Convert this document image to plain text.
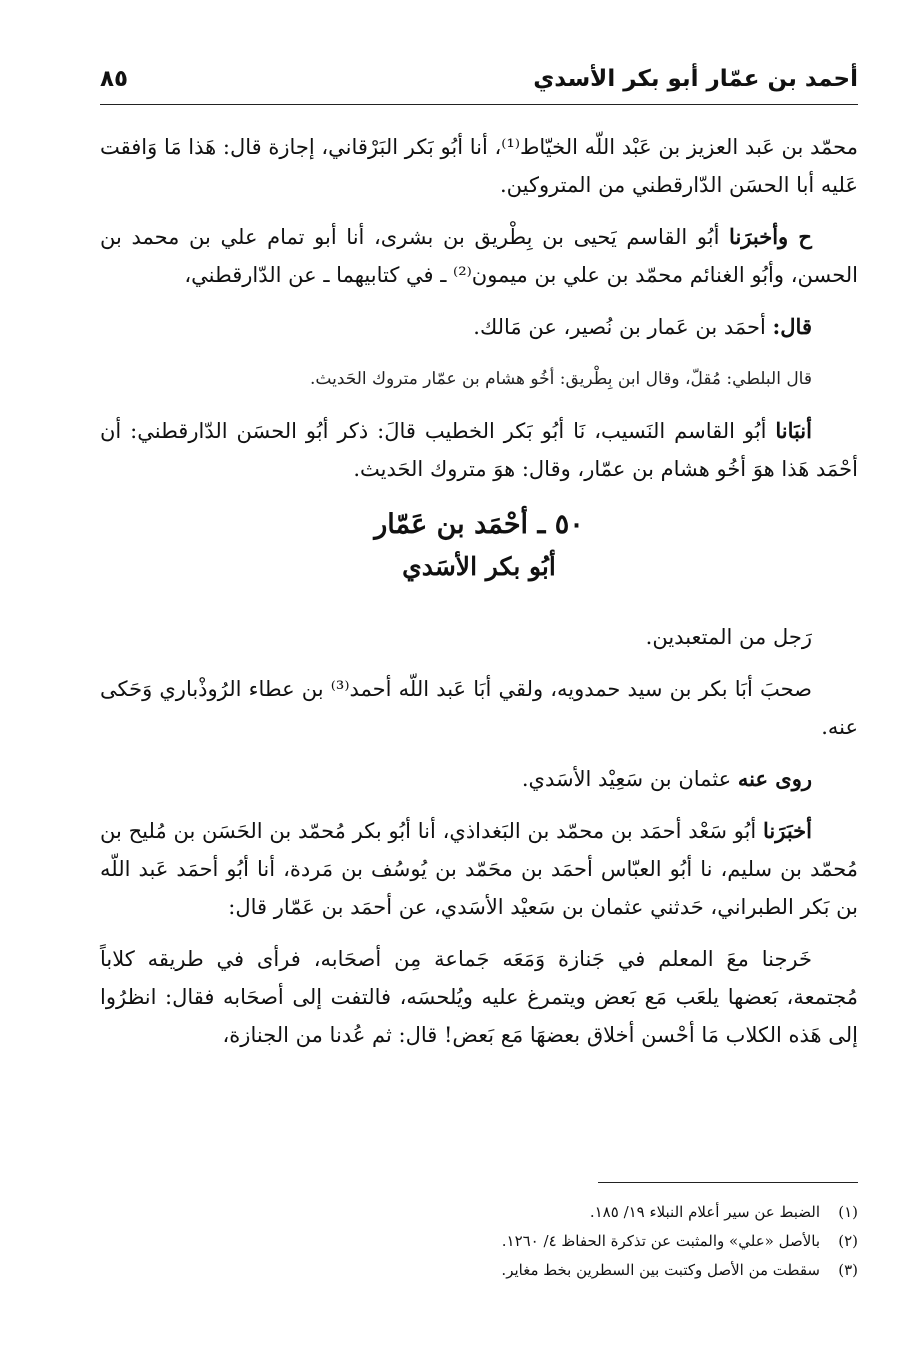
أحمد بن عمّار أبو بكر الأسدي
٨٥

محمّد بن عَبد العزيز بن عَبْد اللّه الخيّاط⁽¹⁾، أنا أبُو بَكر البَرْقاني، إجازة قال: هَذا مَا وَافقت عَليه أبا الحسَن الدّارقطني من المتروكين.

ح وأخبرَنا أبُو القاسم يَحيى بن بِطْريق بن بشرى، أنا أبو تمام علي بن محمد بن الحسن، وأبُو الغنائم محمّد بن علي بن ميمون⁽²⁾ ـ في كتابيهما ـ عن الدّارقطني،

قال: أحمَد بن عَمار بن نُصير، عن مَالك.

قال البلطي: مُقلّ، وقال ابن بِطْريق: أخُو هشام بن عمّار متروك الحَديث.

أنبَانا أبُو القاسم النَسيب، نَا أبُو بَكر الخطيب قالَ: ذكر أبُو الحسَن الدّارقطني: أن أحْمَد هَذا هوَ أخُو هشام بن عمّار، وقال: هوَ متروك الحَديث.

٥٠ ـ أحْمَد بن عَمّار
أبُو بكر الأسَدي

رَجل من المتعبدين.

صحبَ أبَا بكر بن سيد حمدويه، ولقي أبَا عَبد اللّه أحمد⁽³⁾ بن عطاء الرُوذْباري وَحَكى عنه.

روى عنه عثمان بن سَعِيْد الأسَدي.

أخبَرَنا أبُو سَعْد أحمَد بن محمّد بن البَغداذي، أنا أبُو بكر مُحمّد بن الحَسَن بن مُليح بن مُحمّد بن سليم، نا أبُو العبّاس أحمَد بن محَمّد بن يُوسُف بن مَردة، أنا أبُو أحمَد عَبد اللّه بن بَكر الطبراني، حَدثني عثمان بن سَعيْد الأسَدي، عن أحمَد بن عَمّار قال:

خَرجنا معَ المعلم في جَنازة وَمَعَه جَماعة مِن أصحَابه، فرأى في طريقه كلاباً مُجتمعة، بَعضها يلعَب مَع بَعض ويتمرغ عليه ويُلحسَه، فالتفت إلى أصحَابه فقال: انظرُوا إلى هَذه الكلاب مَا أحْسن أخلاق بعضهَا مَع بَعض! قال: ثم عُدنا من الجنازة،

(١)الضبط عن سير أعلام النبلاء ١٩/ ١٨٥.
(٢)بالأصل «علي» والمثبت عن تذكرة الحفاظ ٤/ ١٢٦٠.
(٣)سقطت من الأصل وكتبت بين السطرين بخط مغاير.
